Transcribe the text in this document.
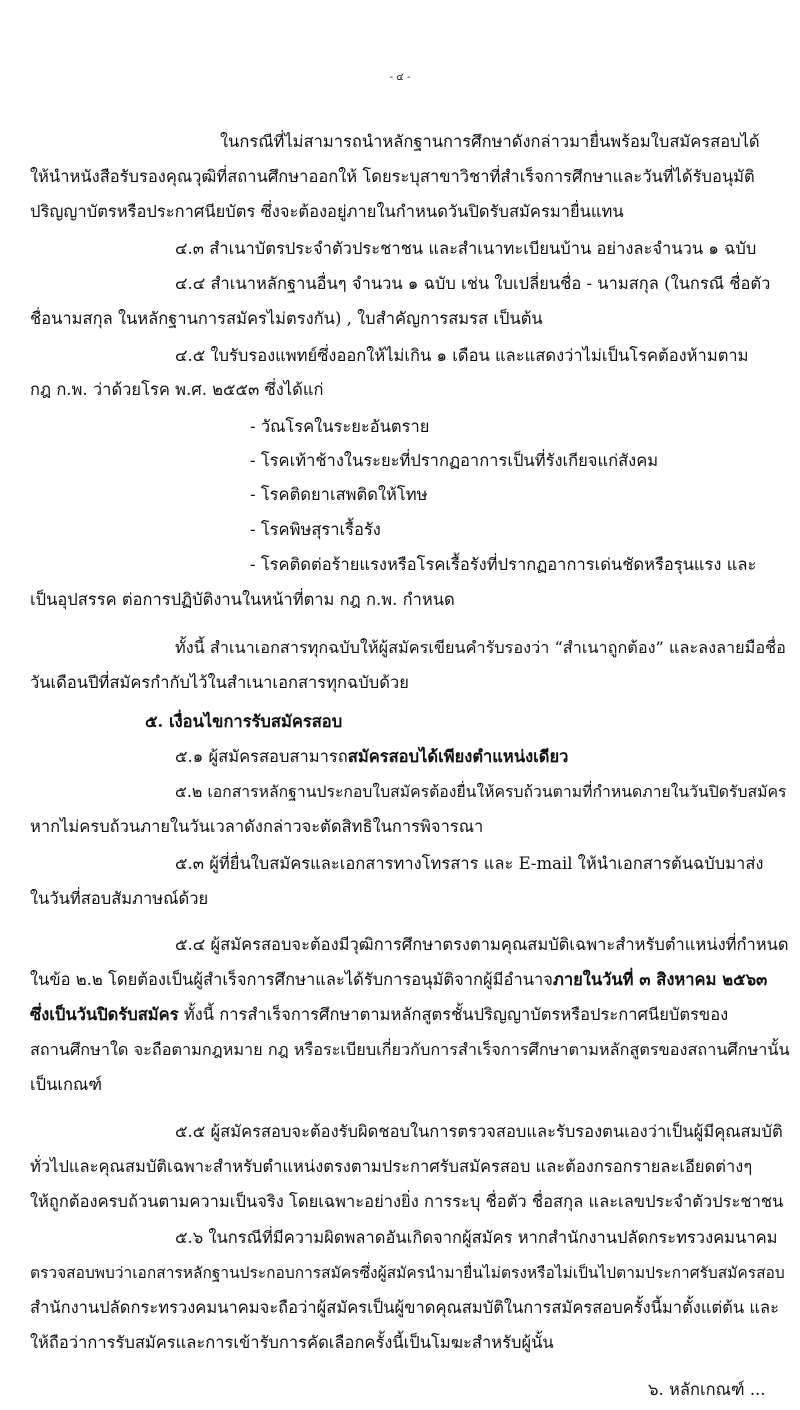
- ๔ -
ในกรณีที่ไม่สามารถนำหลักฐานการศึกษาดังกล่าวมายื่นพร้อมใบสมัครสอบได้
ให้นำหนังสือรับรองคุณวุฒิที่สถานศึกษาออกให้ โดยระบุสาขาวิชาที่สำเร็จการศึกษาและวันที่ได้รับอนุมัติ
ปริญญาบัตรหรือประกาศนียบัตร ซึ่งจะต้องอยู่ภายในกำหนดวันปิดรับสมัครมายื่นแทน
๔.๓ สำเนาบัตรประจำตัวประชาชน และสำเนาทะเบียนบ้าน อย่างละจำนวน ๑ ฉบับ
๔.๔ สำเนาหลักฐานอื่นๆ จำนวน ๑ ฉบับ เช่น ใบเปลี่ยนชื่อ - นามสกุล (ในกรณี ชื่อตัว
ชื่อนามสกุล ในหลักฐานการสมัครไม่ตรงกัน) , ใบสำคัญการสมรส เป็นต้น
๔.๕ ใบรับรองแพทย์ซึ่งออกให้ไม่เกิน ๑ เดือน และแสดงว่าไม่เป็นโรคต้องห้ามตาม
กฎ ก.พ. ว่าด้วยโรค พ.ศ. ๒๕๕๓ ซึ่งได้แก่
- วัณโรคในระยะอันตราย
- โรคเท้าช้างในระยะที่ปรากฏอาการเป็นที่รังเกียจแก่สังคม
- โรคติดยาเสพติดให้โทษ
- โรคพิษสุราเรื้อรัง
- โรคติดต่อร้ายแรงหรือโรคเรื้อรังที่ปรากฏอาการเด่นชัดหรือรุนแรง และ
เป็นอุปสรรค ต่อการปฏิบัติงานในหน้าที่ตาม กฎ ก.พ. กำหนด
ทั้งนี้ สำเนาเอกสารทุกฉบับให้ผู้สมัครเขียนคำรับรองว่า “สำเนาถูกต้อง” และลงลายมือชื่อ
วันเดือนปีที่สมัครกำกับไว้ในสำเนาเอกสารทุกฉบับด้วย
๕. เงื่อนไขการรับสมัครสอบ
๕.๑ ผู้สมัครสอบสามารถสมัครสอบได้เพียงตำแหน่งเดียว
๕.๒ เอกสารหลักฐานประกอบใบสมัครต้องยื่นให้ครบถ้วนตามที่กำหนดภายในวันปิดรับสมัคร
หากไม่ครบถ้วนภายในวันเวลาดังกล่าวจะตัดสิทธิในการพิจารณา
๕.๓ ผู้ที่ยื่นใบสมัครและเอกสารทางโทรสาร และ E-mail ให้นำเอกสารต้นฉบับมาส่ง
ในวันที่สอบสัมภาษณ์ด้วย
๕.๔ ผู้สมัครสอบจะต้องมีวุฒิการศึกษาตรงตามคุณสมบัติเฉพาะสำหรับตำแหน่งที่กำหนด
ในข้อ ๒.๒ โดยต้องเป็นผู้สำเร็จการศึกษาและได้รับการอนุมัติจากผู้มีอำนาจภายในวันที่ ๓ สิงหาคม ๒๕๖๓
ซึ่งเป็นวันปิดรับสมัคร ทั้งนี้ การสำเร็จการศึกษาตามหลักสูตรชั้นปริญญาบัตรหรือประกาศนียบัตรของ
สถานศึกษาใด จะถือตามกฎหมาย กฎ หรือระเบียบเกี่ยวกับการสำเร็จการศึกษาตามหลักสูตรของสถานศึกษานั้น
เป็นเกณฑ์
๕.๕ ผู้สมัครสอบจะต้องรับผิดชอบในการตรวจสอบและรับรองตนเองว่าเป็นผู้มีคุณสมบัติ
ทั่วไปและคุณสมบัติเฉพาะสำหรับตำแหน่งตรงตามประกาศรับสมัครสอบ และต้องกรอกรายละเอียดต่างๆ
ให้ถูกต้องครบถ้วนตามความเป็นจริง โดยเฉพาะอย่างยิ่ง การระบุ ชื่อตัว ชื่อสกุล และเลขประจำตัวประชาชน
๕.๖ ในกรณีที่มีความผิดพลาดอันเกิดจากผู้สมัคร หากสำนักงานปลัดกระทรวงคมนาคม
ตรวจสอบพบว่าเอกสารหลักฐานประกอบการสมัครซึ่งผู้สมัครนำมายื่นไม่ตรงหรือไม่เป็นไปตามประกาศรับสมัครสอบ
สำนักงานปลัดกระทรวงคมนาคมจะถือว่าผู้สมัครเป็นผู้ขาดคุณสมบัติในการสมัครสอบครั้งนี้มาตั้งแต่ต้น และ
ให้ถือว่าการรับสมัครและการเข้ารับการคัดเลือกครั้งนี้เป็นโมฆะสำหรับผู้นั้น
๖. หลักเกณฑ์ ...
